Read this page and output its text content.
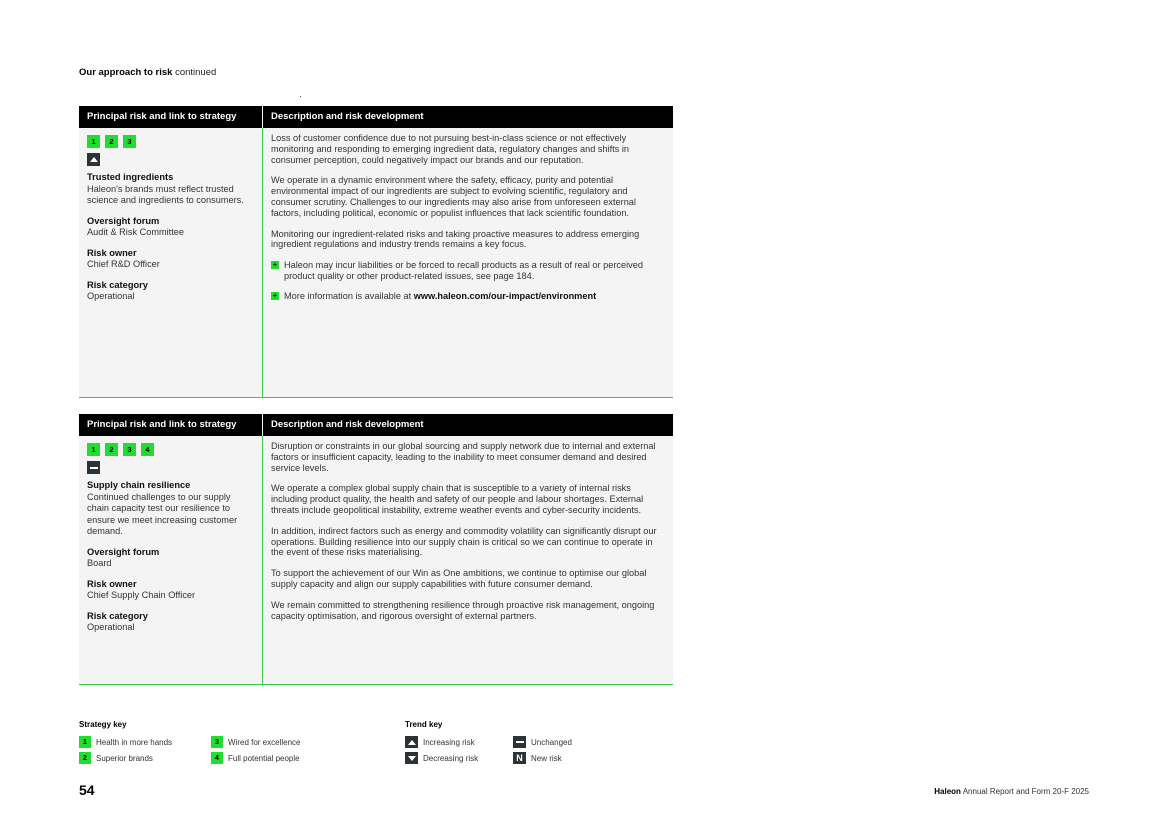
Our approach to risk continued
Principal risk and link to strategy	Description and risk development
1	2	3
Trusted ingredients
Haleon's brands must reflect trusted science and ingredients to consumers.
Oversight forum
Audit & Risk Committee
Risk owner
Chief R&D Officer
Risk category
Operational

Loss of customer confidence due to not pursuing best-in-class science or not effectively monitoring and responding to emerging ingredient data, regulatory changes and shifts in consumer perception, could negatively impact our brands and our reputation.

We operate in a dynamic environment where the safety, efficacy, purity and potential environmental impact of our ingredients are subject to evolving scientific, regulatory and consumer scrutiny. Challenges to our ingredients may also arise from unforeseen external factors, including political, economic or populist influences that lack scientific foundation.

Monitoring our ingredient-related risks and taking proactive measures to address emerging ingredient regulations and industry trends remains a key focus.

+ Haleon may incur liabilities or be forced to recall products as a result of real or perceived product quality or other product-related issues, see page 184.
+ More information is available at www.haleon.com/our-impact/environment
Principal risk and link to strategy	Description and risk development
1	2	3	4
Supply chain resilience
Continued challenges to our supply chain capacity test our resilience to ensure we meet increasing customer demand.
Oversight forum
Board
Risk owner
Chief Supply Chain Officer
Risk category
Operational

Disruption or constraints in our global sourcing and supply network due to internal and external factors or insufficient capacity, leading to the inability to meet consumer demand and desired service levels.

We operate a complex global supply chain that is susceptible to a variety of internal risks including product quality, the health and safety of our people and labour shortages. External threats include geopolitical instability, extreme weather events and cyber-security incidents.

In addition, indirect factors such as energy and commodity volatility can significantly disrupt our operations. Building resilience into our supply chain is critical so we can continue to operate in the event of these risks materialising.

To support the achievement of our Win as One ambitions, we continue to optimise our global supply capacity and align our supply capabilities with future consumer demand.

We remain committed to strengthening resilience through proactive risk management, ongoing capacity optimisation, and rigorous oversight of external partners.

Strategy key
1	Health in more hands
2	Superior brands
3	Wired for excellence
4	Full potential people
Trend key
Increasing risk
Decreasing risk
Unchanged
N New risk
54	Haleon Annual Report and Form 20-F 2025
